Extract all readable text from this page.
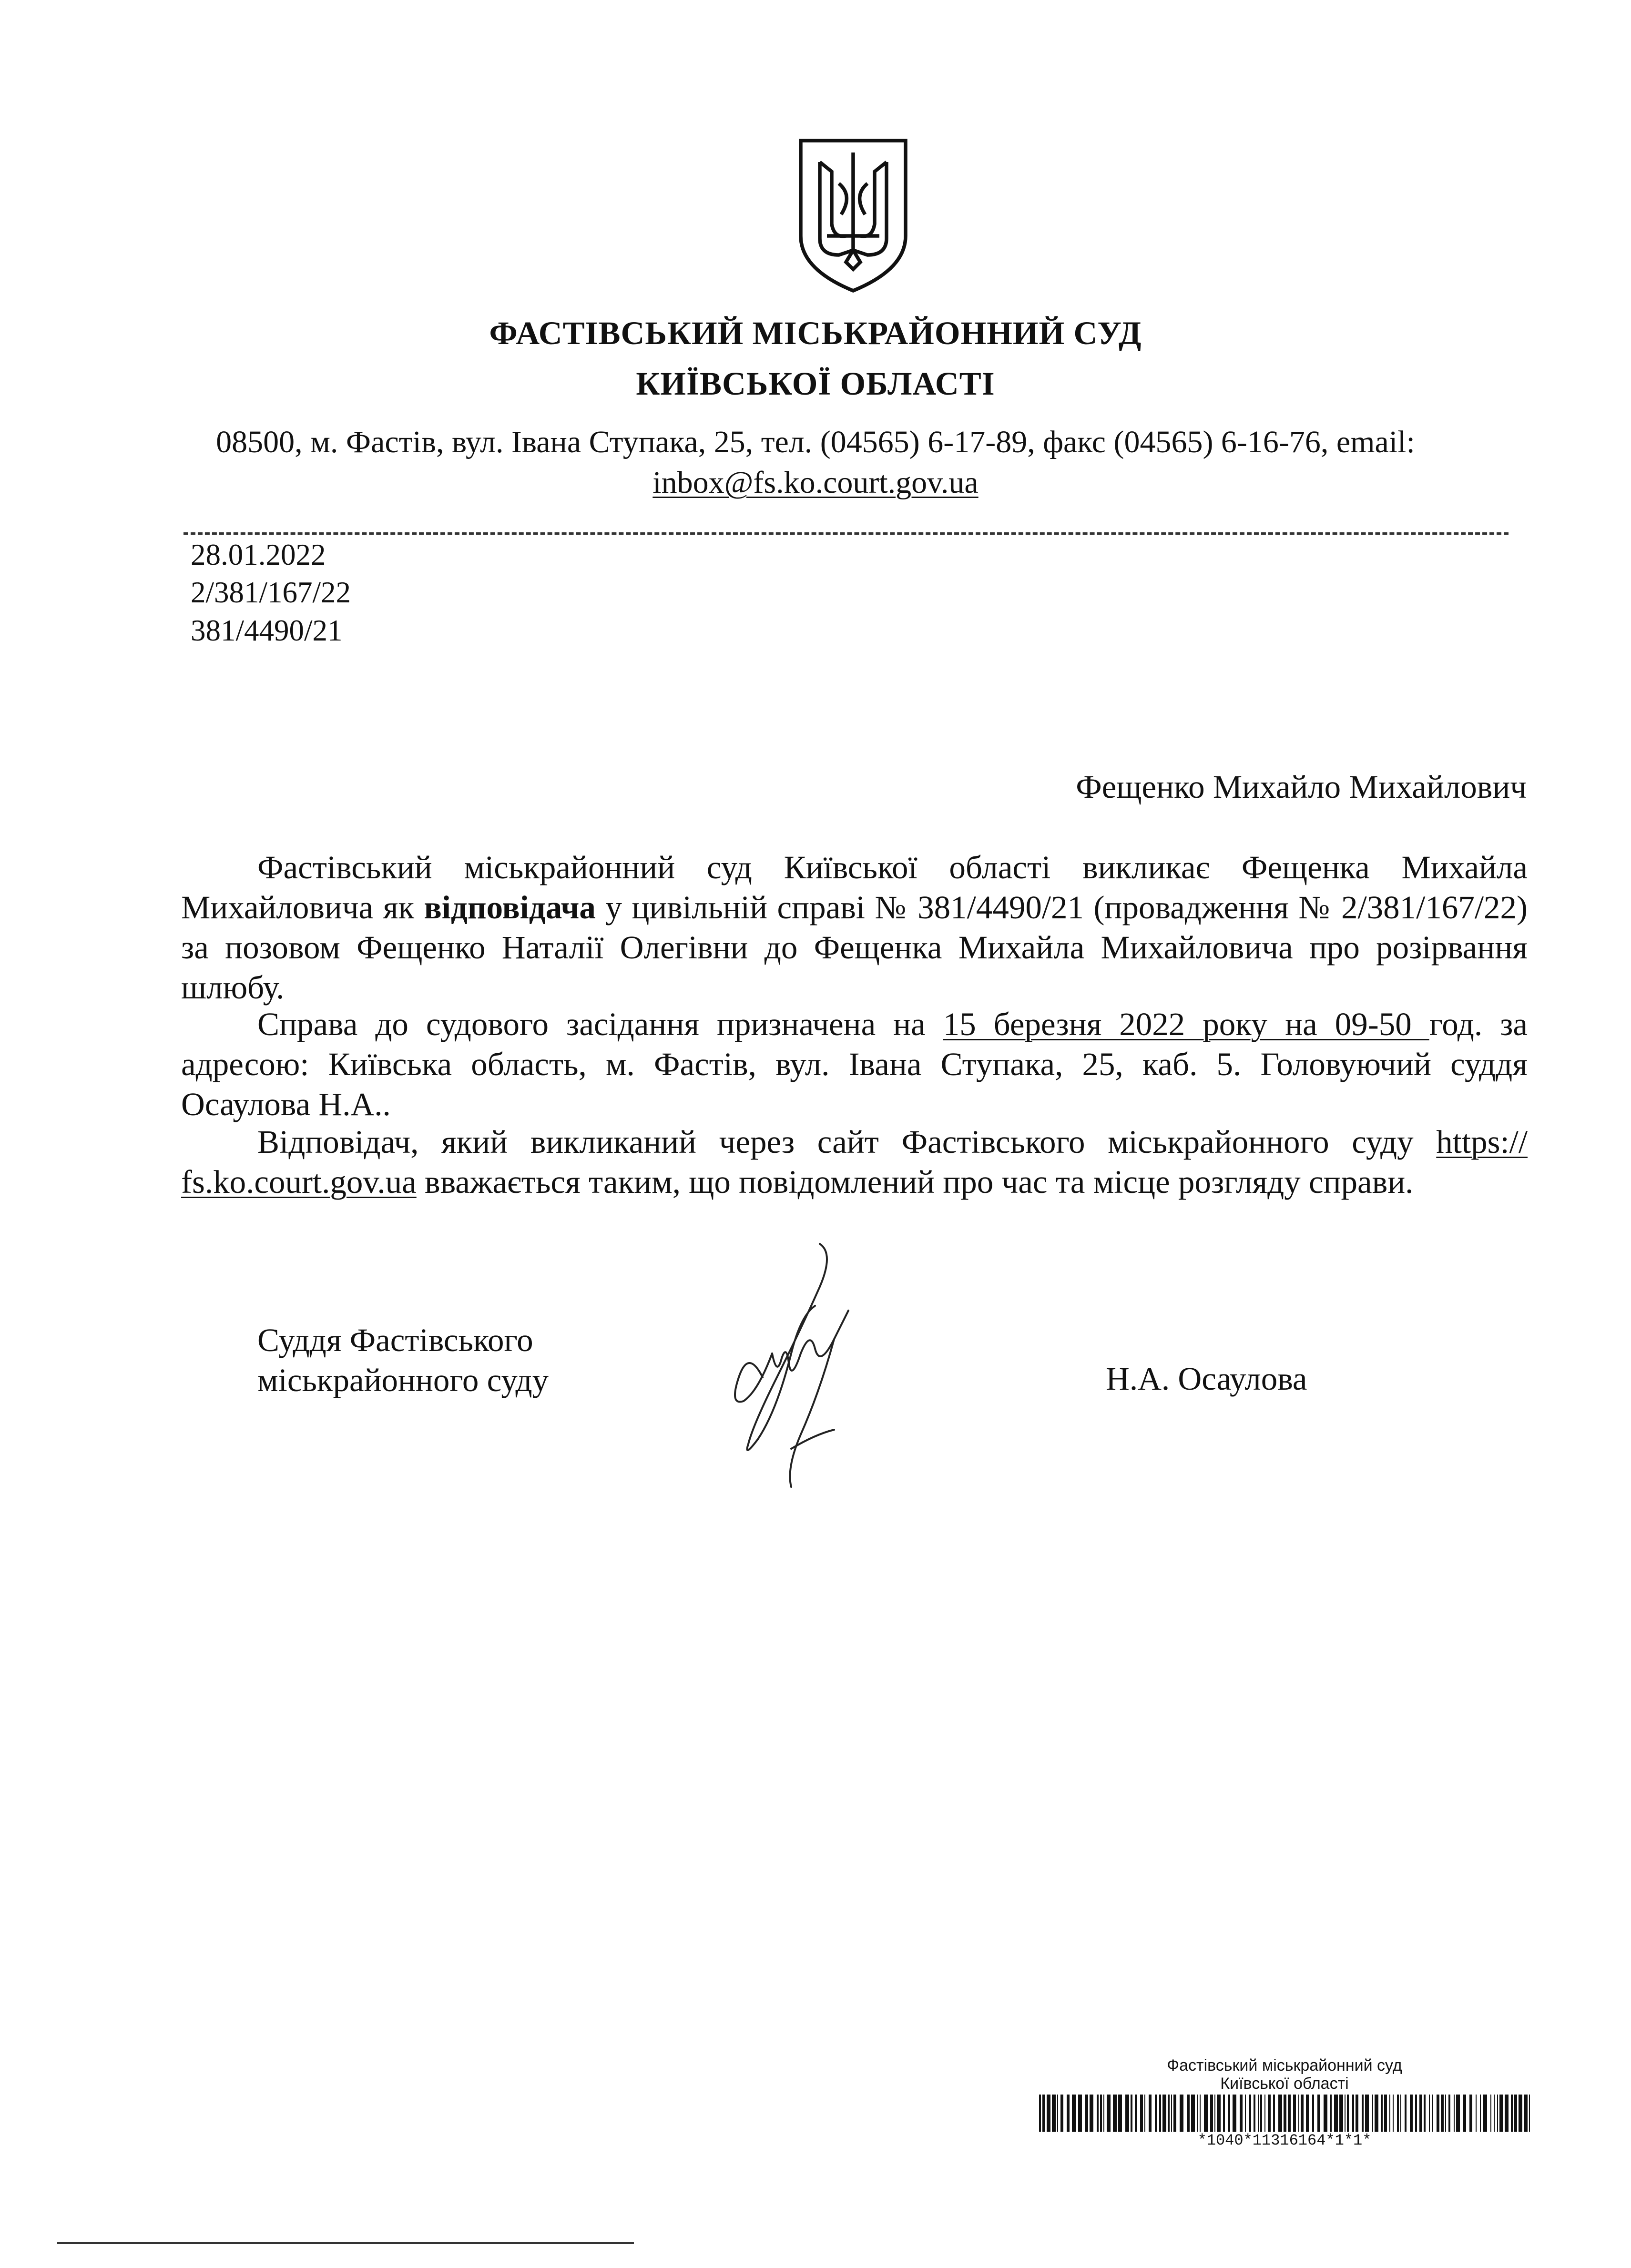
ФАСТІВСЬКИЙ МІСЬКРАЙОННИЙ СУД
КИЇВСЬКОЇ ОБЛАСТІ
08500, м. Фастів, вул. Івана Ступака, 25, тел. (04565) 6-17-89, факс (04565) 6-16-76, email:
inbox@fs.ko.court.gov.ua
28.01.2022
2/381/167/22
381/4490/21
Фещенко Михайло Михайлович
Фастівський міськрайонний суд Київської області викликає Фещенка Михайла Михайловича як відповідача у цивільній справі № 381/4490/21 (провадження № 2/381/167/22) за позовом Фещенко Наталії Олегівни до Фещенка Михайла Михайловича про розірвання шлюбу.
Справа до судового засідання призначена на 15 березня 2022 року на 09-50 год. за адресою: Київська область, м. Фастів, вул. Івана Ступака, 25, каб. 5. Головуючий суддя Осаулова Н.А..
Відповідач, який викликаний через сайт Фастівського міськрайонного суду https:// fs.ko.court.gov.ua вважається таким, що повідомлений про час та місце розгляду справи.
Суддя Фастівського
міськрайонного суду	Н.А. Осаулова
Фастівський міськрайонний суд
Київської області
*1040*11316164*1*1*
